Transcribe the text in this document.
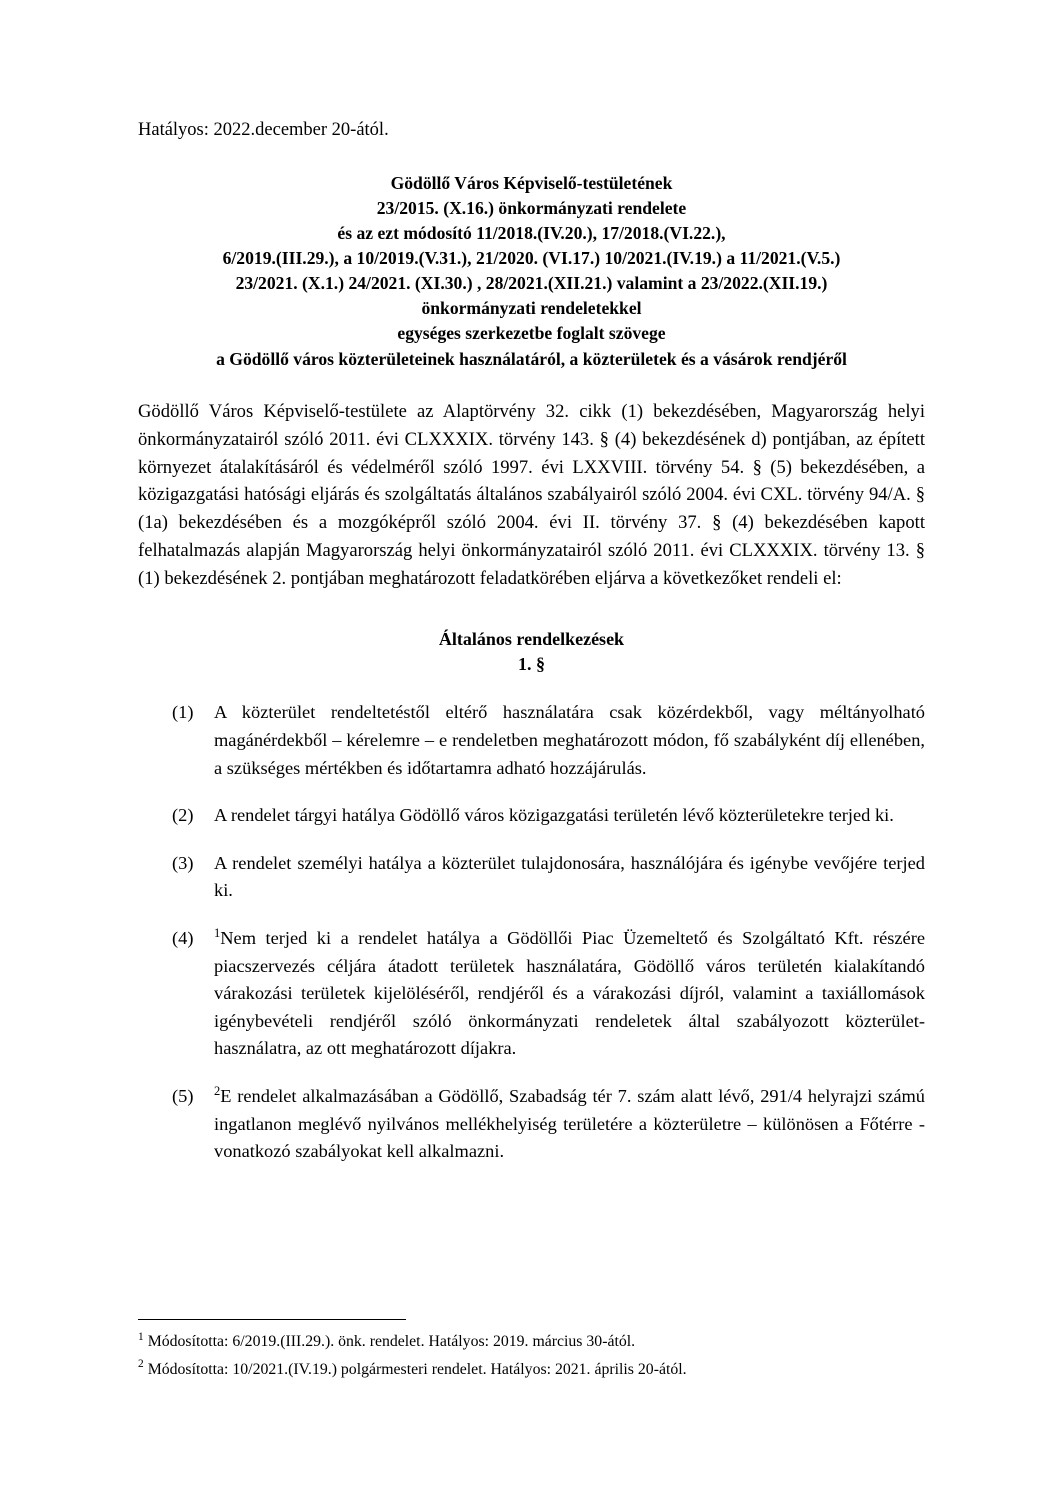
Hatályos: 2022.december 20-ától.

Gödöllő Város Képviselő-testületének
23/2015. (X.16.) önkormányzati rendelete
és az ezt módosító 11/2018.(IV.20.), 17/2018.(VI.22.),
6/2019.(III.29.), a 10/2019.(V.31.), 21/2020. (VI.17.) 10/2021.(IV.19.) a 11/2021.(V.5.)
23/2021. (X.1.) 24/2021. (XI.30.) , 28/2021.(XII.21.) valamint a 23/2022.(XII.19.)
önkormányzati rendeletekkel
egységes szerkezetbe foglalt szövege
a Gödöllő város közterületeinek használatáról, a közterületek és a vásárok rendjéről

Gödöllő Város Képviselő-testülete az Alaptörvény 32. cikk (1) bekezdésében, Magyarország helyi önkormányzatairól szóló 2011. évi CLXXXIX. törvény 143. § (4) bekezdésének d) pontjában, az épített környezet átalakításáról és védelméről szóló 1997. évi LXXVIII. törvény 54. § (5) bekezdésében, a közigazgatási hatósági eljárás és szolgáltatás általános szabályairól szóló 2004. évi CXL. törvény 94/A. § (1a) bekezdésében és a mozgóképről szóló 2004. évi II. törvény 37. § (4) bekezdésében kapott felhatalmazás alapján Magyarország helyi önkormányzatairól szóló 2011. évi CLXXXIX. törvény 13. § (1) bekezdésének 2. pontjában meghatározott feladatkörében eljárva a következőket rendeli el:

Általános rendelkezések
1. §
(1)	A közterület rendeltetéstől eltérő használatára csak közérdekből, vagy méltányolható magánérdekből – kérelemre – e rendeletben meghatározott módon, fő szabályként díj ellenében, a szükséges mértékben és időtartamra adható hozzájárulás.
(2)	A rendelet tárgyi hatálya Gödöllő város közigazgatási területén lévő közterületekre terjed ki.
(3)	A rendelet személyi hatálya a közterület tulajdonosára, használójára és igénybe vevőjére terjed ki.
(4)	$^1$Nem terjed ki a rendelet hatálya a Gödöllői Piac Üzemeltető és Szolgáltató Kft. részére piacszervezés céljára átadott területek használatára, Gödöllő város területén kialakítandó várakozási területek kijelöléséről, rendjéről és a várakozási díjról, valamint a taxiállomások igénybevételi rendjéről szóló önkormányzati rendeletek által szabályozott közterület-használatra, az ott meghatározott díjakra.
(5)	$^2$E rendelet alkalmazásában a Gödöllő, Szabadság tér 7. szám alatt lévő, 291/4 helyrajzi számú ingatlanon meglévő nyilvános mellékhelyiség területére a közterületre – különösen a Főtérre - vonatkozó szabályokat kell alkalmazni.
$^1$ Módosította: 6/2019.(III.29.). önk. rendelet. Hatályos: 2019. március 30-ától.
$^2$ Módosította: 10/2021.(IV.19.) polgármesteri rendelet. Hatályos: 2021. április 20-ától.
